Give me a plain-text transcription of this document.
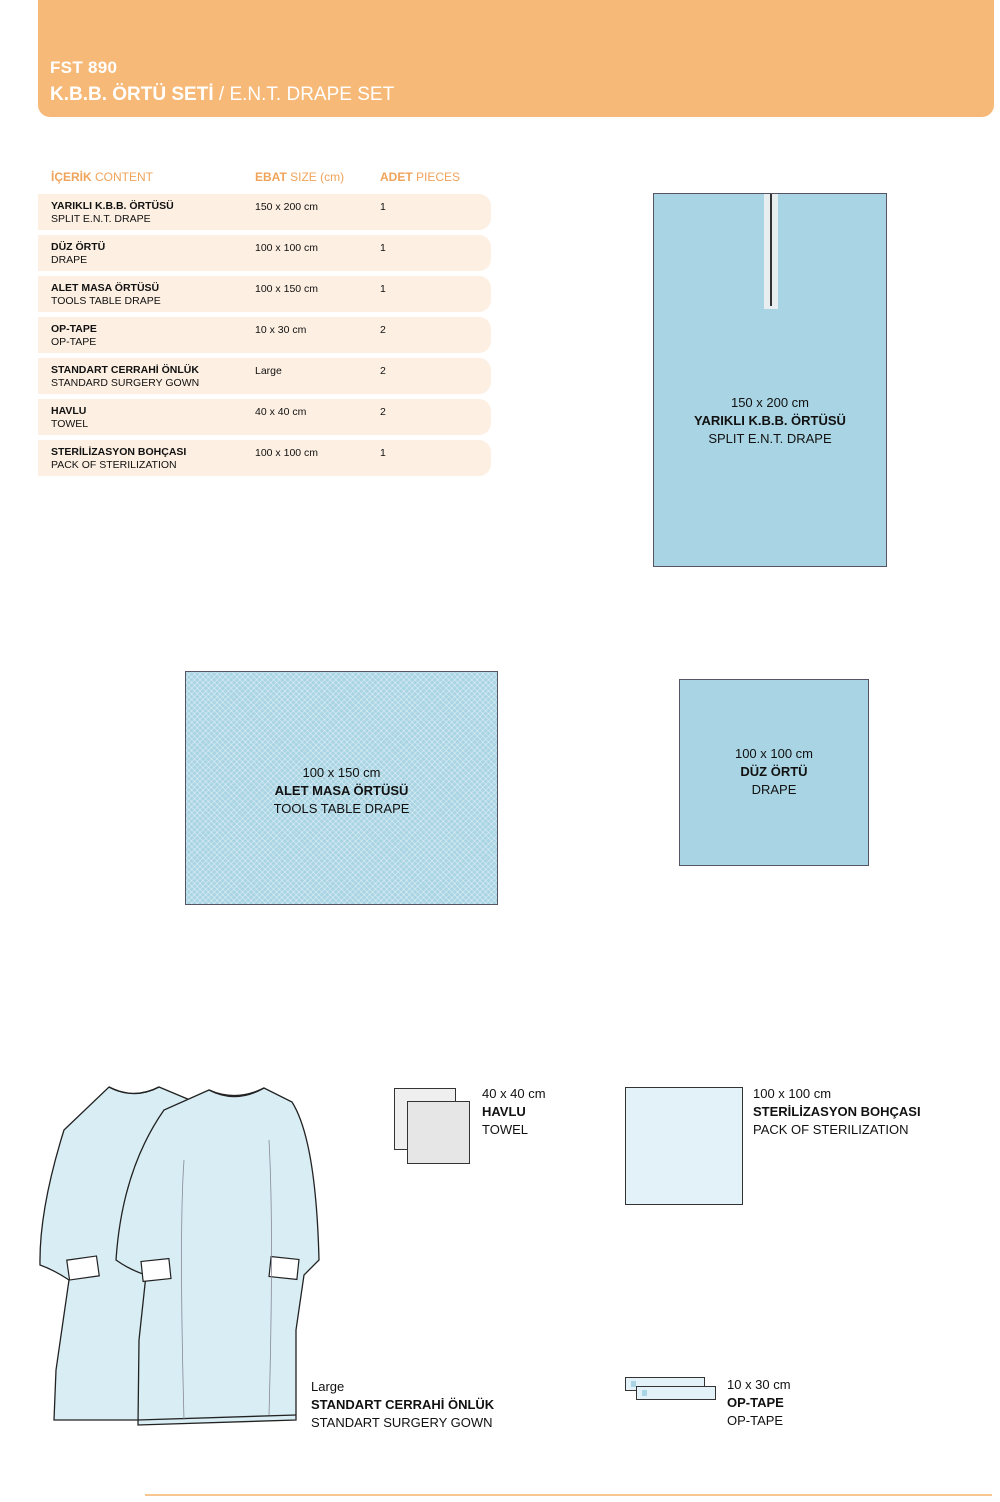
FST 890
K.B.B. ÖRTÜ SETİ / E.N.T. DRAPE SET
İÇERİK CONTENT	EBAT SIZE (cm)	ADET PIECES
YARIKLI K.B.B. ÖRTÜSÜ
SPLIT E.N.T. DRAPE
150 x 200 cm	1
DÜZ ÖRTÜ
DRAPE
100 x 100 cm	1
ALET MASA ÖRTÜSÜ
TOOLS TABLE DRAPE
100 x 150 cm	1
OP-TAPE
OP-TAPE
10 x 30 cm	2
STANDART CERRAHİ ÖNLÜK
STANDARD SURGERY GOWN
Large	2
HAVLU
TOWEL
40 x 40 cm	2
STERİLİZASYON BOHÇASI
PACK OF STERILIZATION
100 x 100 cm	1
150 x 200 cm
YARIKLI K.B.B. ÖRTÜSÜ
SPLIT E.N.T. DRAPE
100 x 150 cm
ALET MASA ÖRTÜSÜ
TOOLS TABLE DRAPE
100 x 100 cm
DÜZ ÖRTÜ
DRAPE
Large
STANDART CERRAHİ ÖNLÜK
STANDART SURGERY GOWN
40 x 40 cm
HAVLU
TOWEL
100 x 100 cm
STERİLİZASYON BOHÇASI
PACK OF STERILIZATION
10 x 30 cm
OP-TAPE
OP-TAPE
